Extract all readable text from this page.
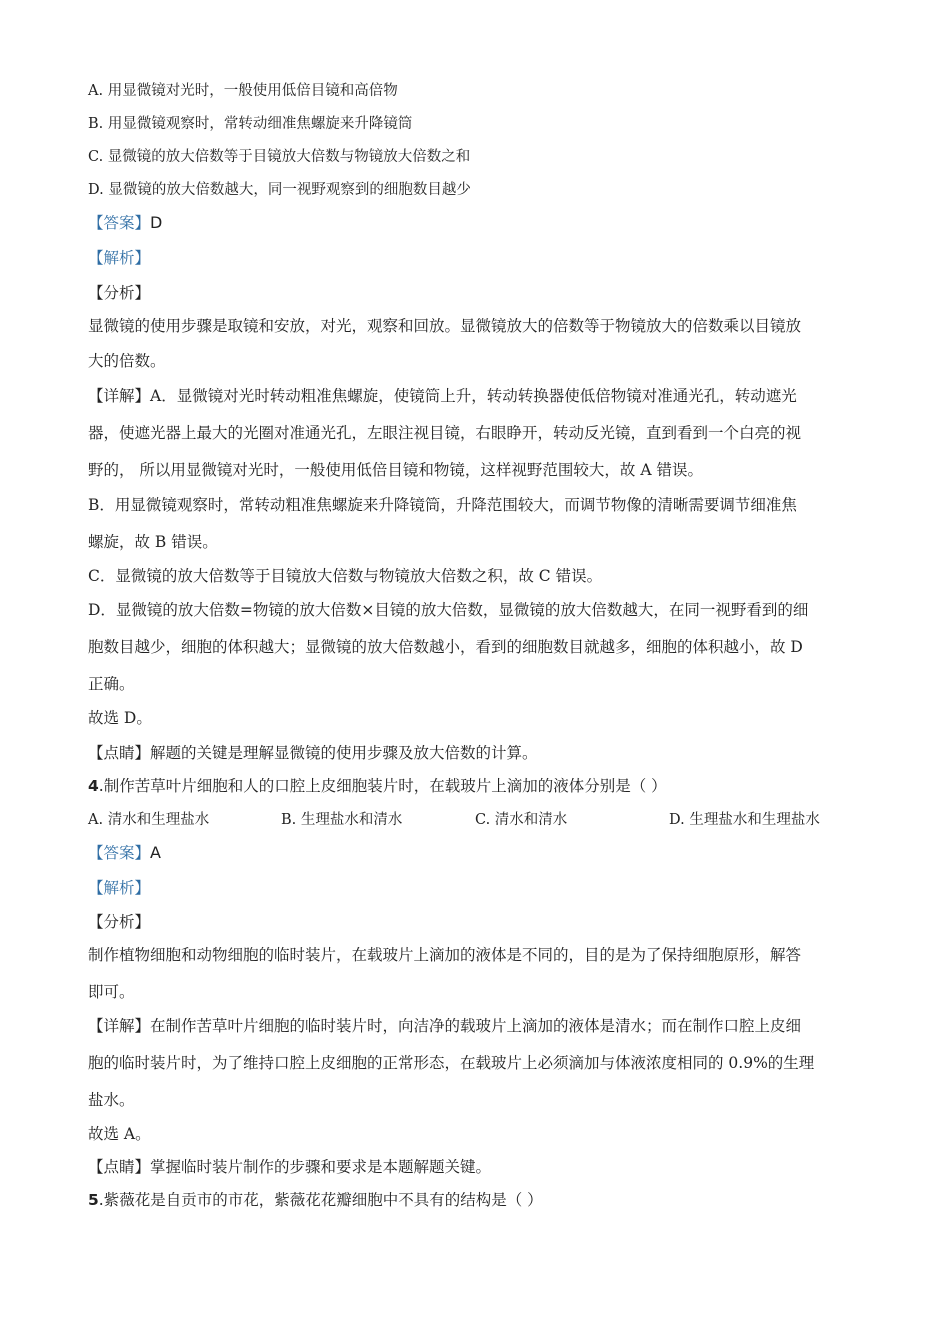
A. 用显微镜对光时，一般使用低倍目镜和高倍物
B. 用显微镜观察时，常转动细准焦螺旋来升降镜筒
C. 显微镜的放大倍数等于目镜放大倍数与物镜放大倍数之和
D. 显微镜的放大倍数越大，同一视野观察到的细胞数目越少
【答案】D
【解析】
【分析】
显微镜的使用步骤是取镜和安放，对光，观察和回放。显微镜放大的倍数等于物镜放大的倍数乘以目镜放
大的倍数。
【详解】A．显微镜对光时转动粗准焦螺旋，使镜筒上升，转动转换器使低倍物镜对准通光孔，转动遮光
器，使遮光器上最大的光圈对准通光孔，左眼注视目镜，右眼睁开，转动反光镜，直到看到一个白亮的视
野的， 所以用显微镜对光时，一般使用低倍目镜和物镜，这样视野范围较大，故 A 错误。
B．用显微镜观察时，常转动粗准焦螺旋来升降镜筒，升降范围较大，而调节物像的清晰需要调节细准焦
螺旋，故 B 错误。
C．显微镜的放大倍数等于目镜放大倍数与物镜放大倍数之积，故 C 错误。
D．显微镜的放大倍数=物镜的放大倍数×目镜的放大倍数，显微镜的放大倍数越大，在同一视野看到的细
胞数目越少，细胞的体积越大；显微镜的放大倍数越小，看到的细胞数目就越多，细胞的体积越小，故 D
正确。
故选 D。
【点睛】解题的关键是理解显微镜的使用步骤及放大倍数的计算。
4.制作苦草叶片细胞和人的口腔上皮细胞装片时，在载玻片上滴加的液体分别是（ ）
A. 清水和生理盐水	B. 生理盐水和清水	C. 清水和清水	D. 生理盐水和生理盐水
【答案】A
【解析】
【分析】
制作植物细胞和动物细胞的临时装片，在载玻片上滴加的液体是不同的，目的是为了保持细胞原形，解答
即可。
【详解】在制作苦草叶片细胞的临时装片时，向洁净的载玻片上滴加的液体是清水；而在制作口腔上皮细
胞的临时装片时，为了维持口腔上皮细胞的正常形态，在载玻片上必须滴加与体液浓度相同的 0.9%的生理
盐水。
故选 A。
【点睛】掌握临时装片制作的步骤和要求是本题解题关键。
5.紫薇花是自贡市的市花，紫薇花花瓣细胞中不具有的结构是（ ）
